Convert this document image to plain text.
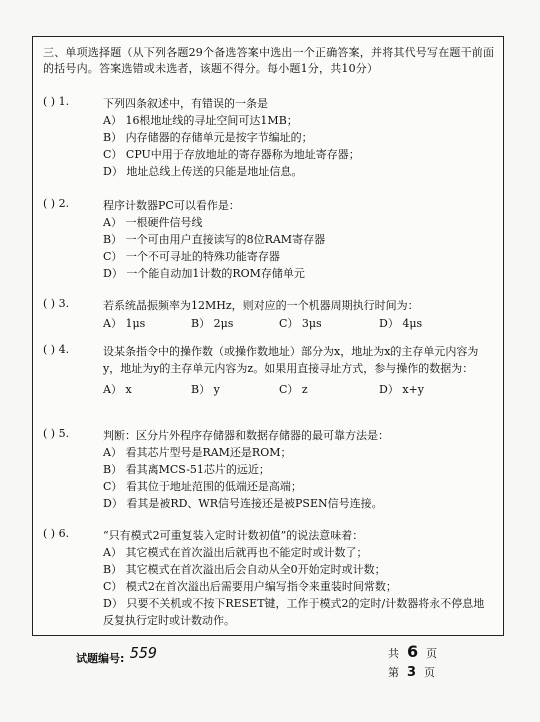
三、单项选择题（从下列各题29个备选答案中选出一个正确答案，并将其代号写在题干前面的括号内。答案选错或未选者，该题不得分。每小题1分，共10分）
( ) 1.	下列四条叙述中，有错误的一条是

A） 16根地址线的寻址空间可达1MB；

B） 内存储器的存储单元是按字节编址的；

C） CPU中用于存放地址的寄存器称为地址寄存器；

D） 地址总线上传送的只能是地址信息。

( ) 2.	程序计数器PC可以看作是：

A） 一根硬件信号线

B） 一个可由用户直接读写的8位RAM寄存器

C） 一个不可寻址的特殊功能寄存器

D） 一个能自动加1计数的ROM存储单元

( ) 3.	若系统晶振频率为12MHz，则对应的一个机器周期执行时间为：

A） 1μs	B） 2μs	C） 3μs	D） 4μs
( ) 4.	设某条指令中的操作数（或操作数地址）部分为x，地址为x的主存单元内容为y，地址为y的主存单元内容为z。如果用直接寻址方式，参与操作的数据为：

A） x	B） y	C） z	D） x+y
( ) 5.	判断：区分片外程序存储器和数据存储器的最可靠方法是：

A） 看其芯片型号是RAM还是ROM；

B） 看其离MCS-51芯片的远近；

C） 看其位于地址范围的低端还是高端；

D） 看其是被RD、WR信号连接还是被PSEN信号连接。

( ) 6.	“只有模式2可重复装入定时计数初值”的说法意味着：

A） 其它模式在首次溢出后就再也不能定时或计数了；

B） 其它模式在首次溢出后会自动从全0开始定时或计数；

C） 模式2在首次溢出后需要用户编写指令来重装时间常数；

D） 只要不关机或不按下RESET键，工作于模式2的定时/计数器将永不停息地反复执行定时或计数动作。

试题编号: 559	共 6 页
第 3 页
